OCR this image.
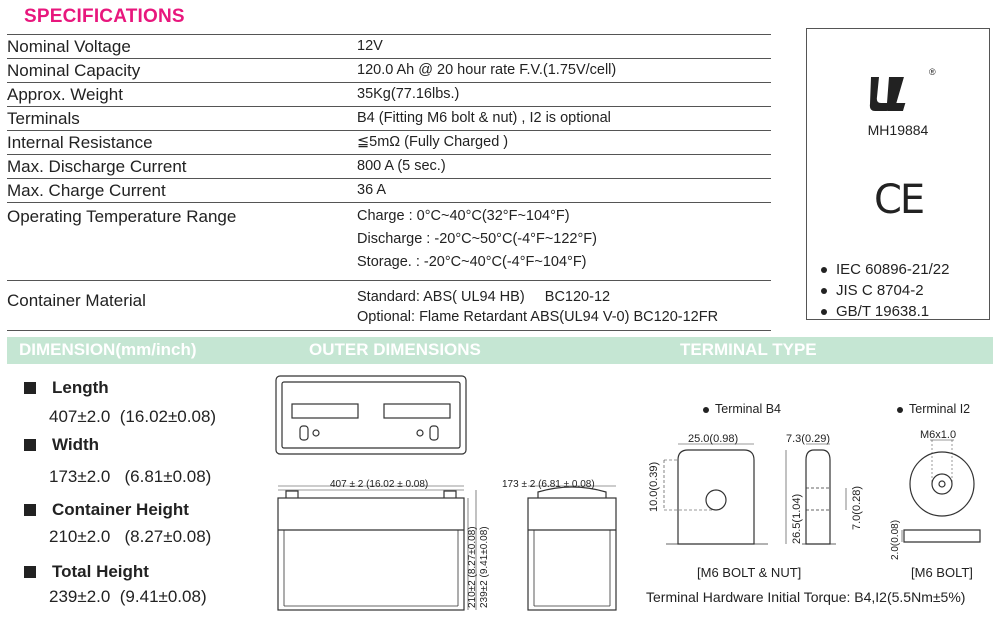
SPECIFICATIONS
Nominal Voltage	12V
Nominal Capacity	120.0 Ah @ 20 hour rate F.V.(1.75V/cell)
Approx. Weight	35Kg(77.16lbs.)
Terminals	B4 (Fitting M6 bolt & nut) , I2 is optional
Internal Resistance	≦5mΩ (Fully Charged )
Max. Discharge Current	800 A (5 sec.)
Max. Charge Current	36 A
Operating Temperature Range	Charge : 0°C~40°C(32°F~104°F)
Discharge : -20°C~50°C(-4°F~122°F)
Storage. : -20°C~40°C(-4°F~104°F)

Container Material	Standard: ABS( UL94 HB)     BC120-12
Optional: Flame Retardant ABS(UL94 V-0) BC120-12FR
®
MH19884
CE
IEC 60896-21/22
JIS C 8704-2
GB/T 19638.1
DIMENSION(mm/inch)	OUTER DIMENSIONS	TERMINAL TYPE
Length
407±2.0  (16.02±0.08)
Width
173±2.0   (6.81±0.08)
Container Height
210±2.0   (8.27±0.08)
Total Height
239±2.0  (9.41±0.08)
407 ± 2 (16.02 ± 0.08)	173 ± 2 (6.81 ± 0.08)
210±2 (8.27±0.08) 239±2 (9.41±0.08)
Terminal B4	Terminal I2
25.0(0.98)	7.3(0.29)
10.0(0.39)
26.5(1.04)	7.0(0.28)
M6x1.0
2.0(0.08)
[M6 BOLT & NUT]	[M6 BOLT]
Terminal Hardware Initial Torque: B4,I2(5.5Nm±5%)
